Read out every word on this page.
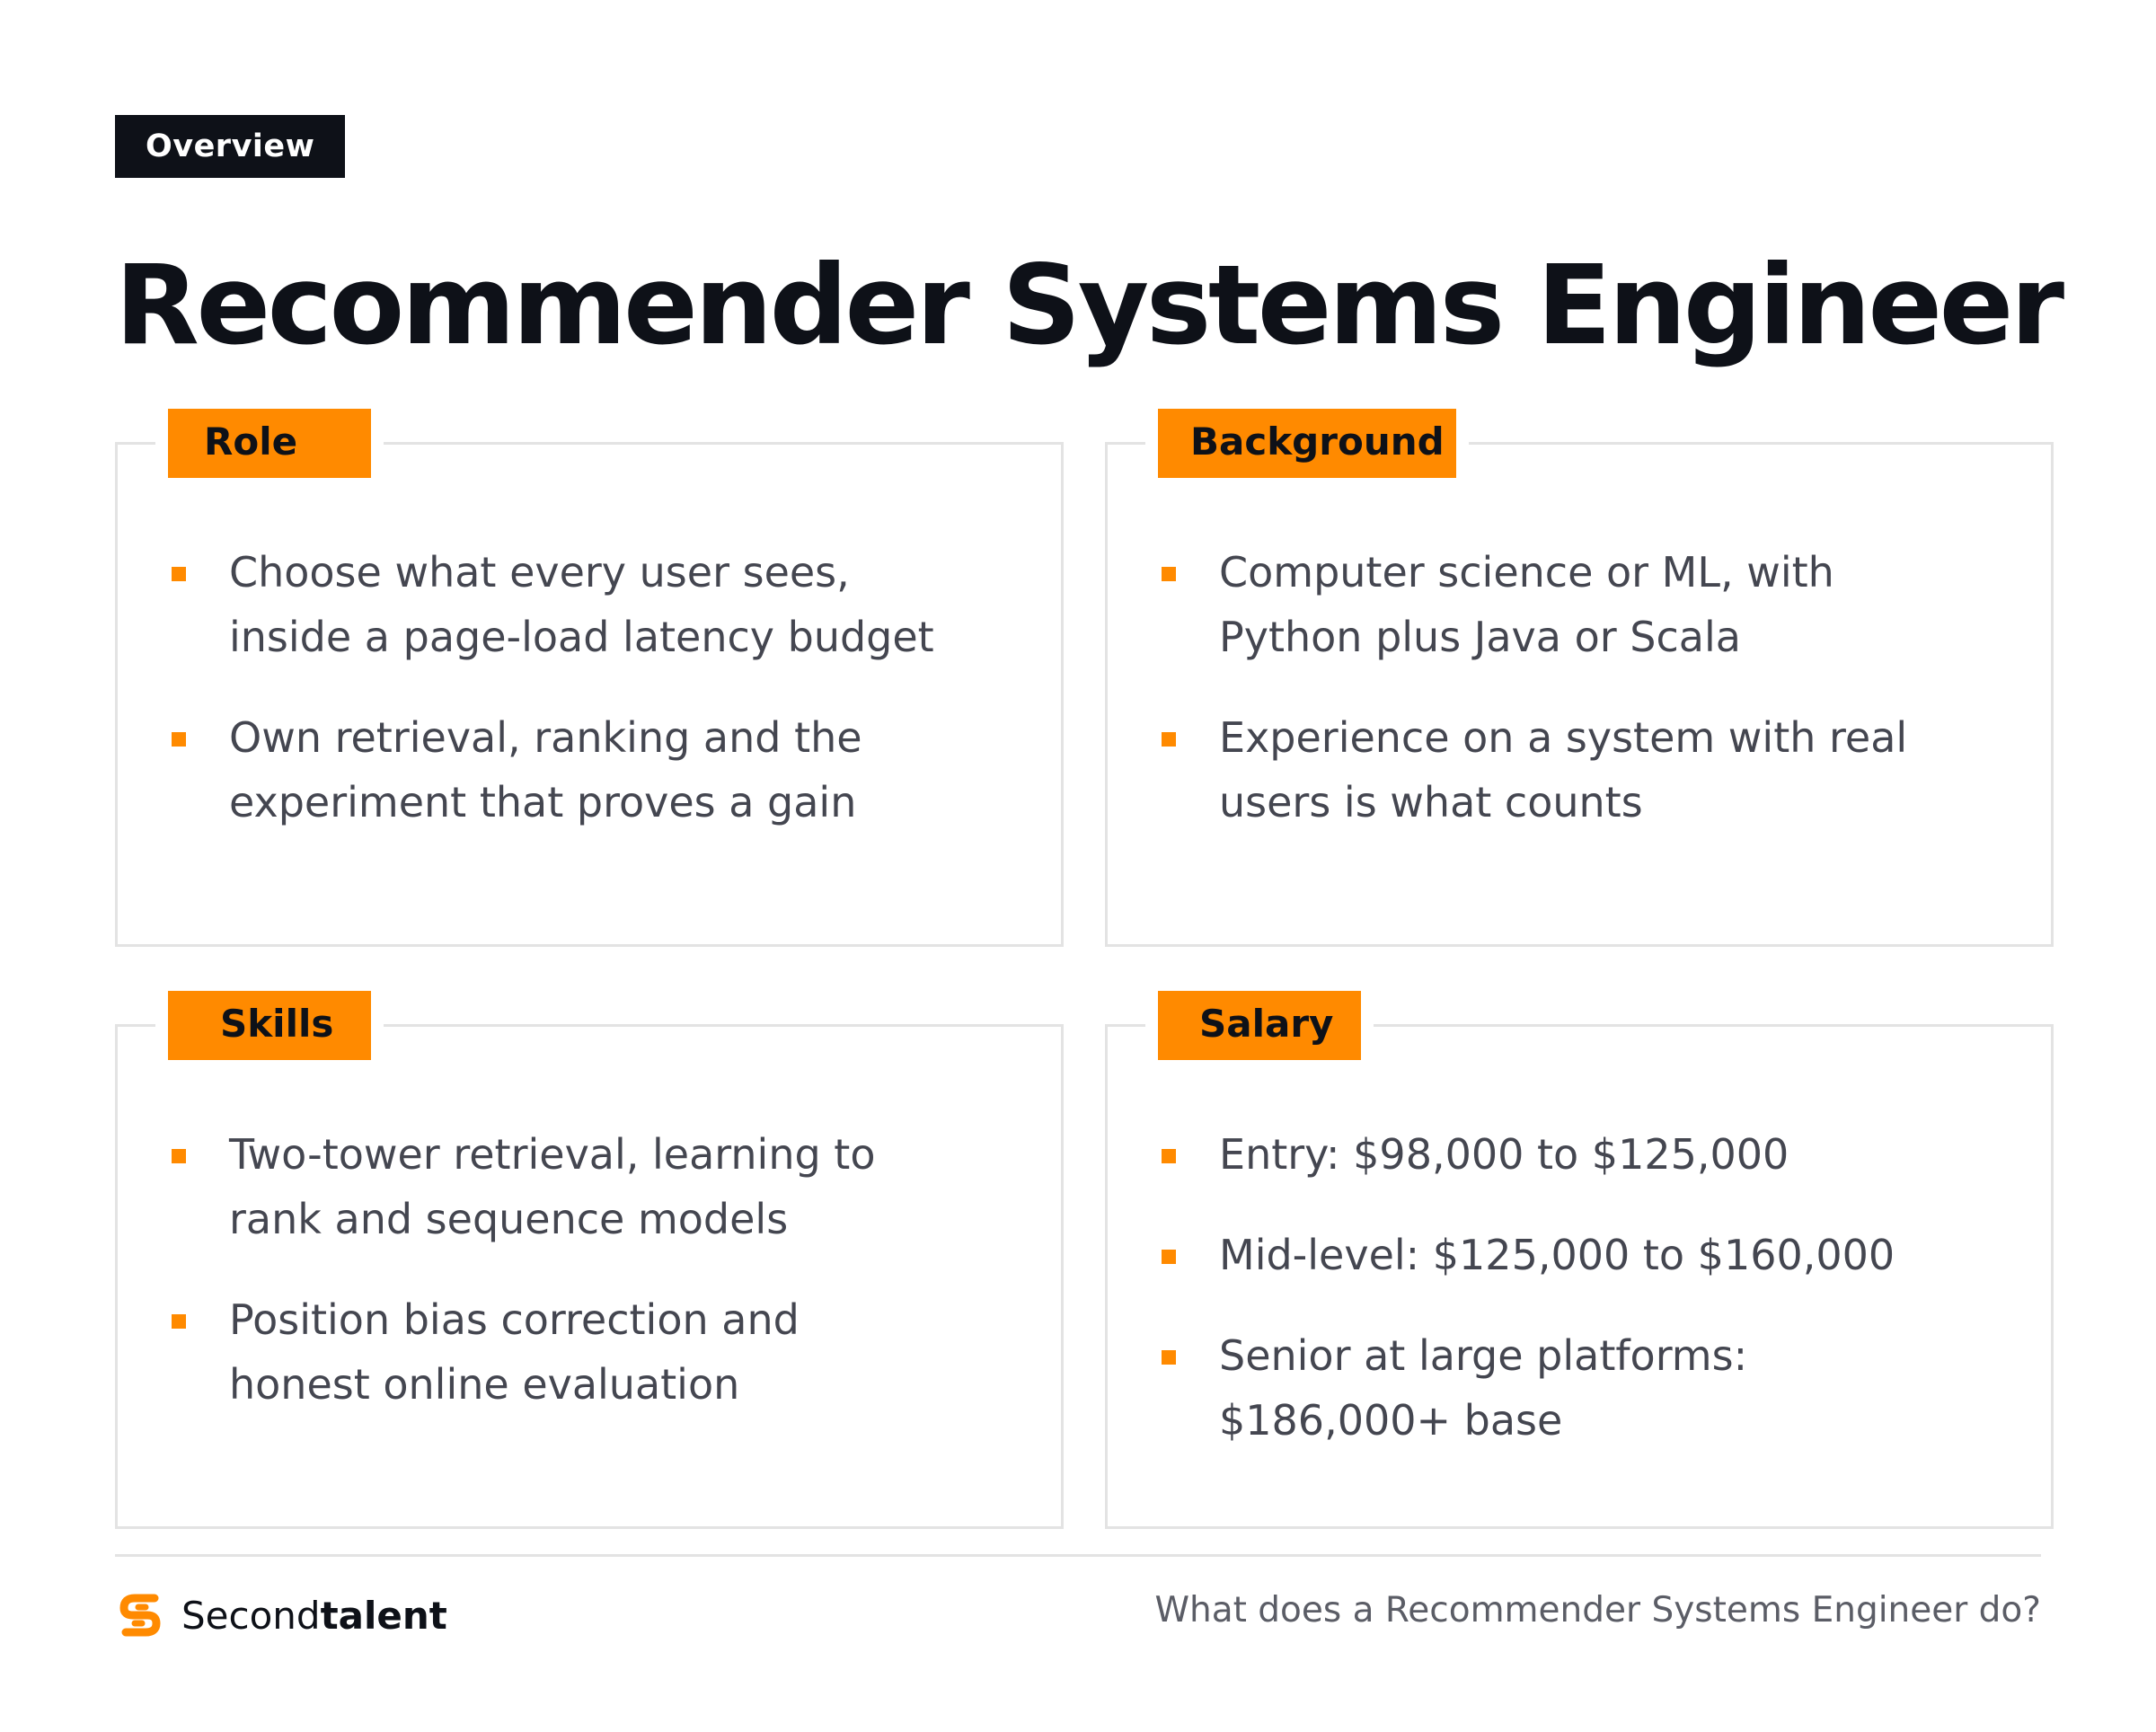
Overview
Recommender Systems Engineer
Role
Choose what every user sees, inside a page-load latency budget
Own retrieval, ranking and the experiment that proves a gain
Background
Computer science or ML, with Python plus Java or Scala
Experience on a system with real users is what counts
Skills
Two-tower retrieval, learning to rank and sequence models
Position bias correction and honest online evaluation
Salary
Entry: $98,000 to $125,000
Mid-level: $125,000 to $160,000
Senior at large platforms: $186,000+ base
Secondtalent	What does a Recommender Systems Engineer do?
